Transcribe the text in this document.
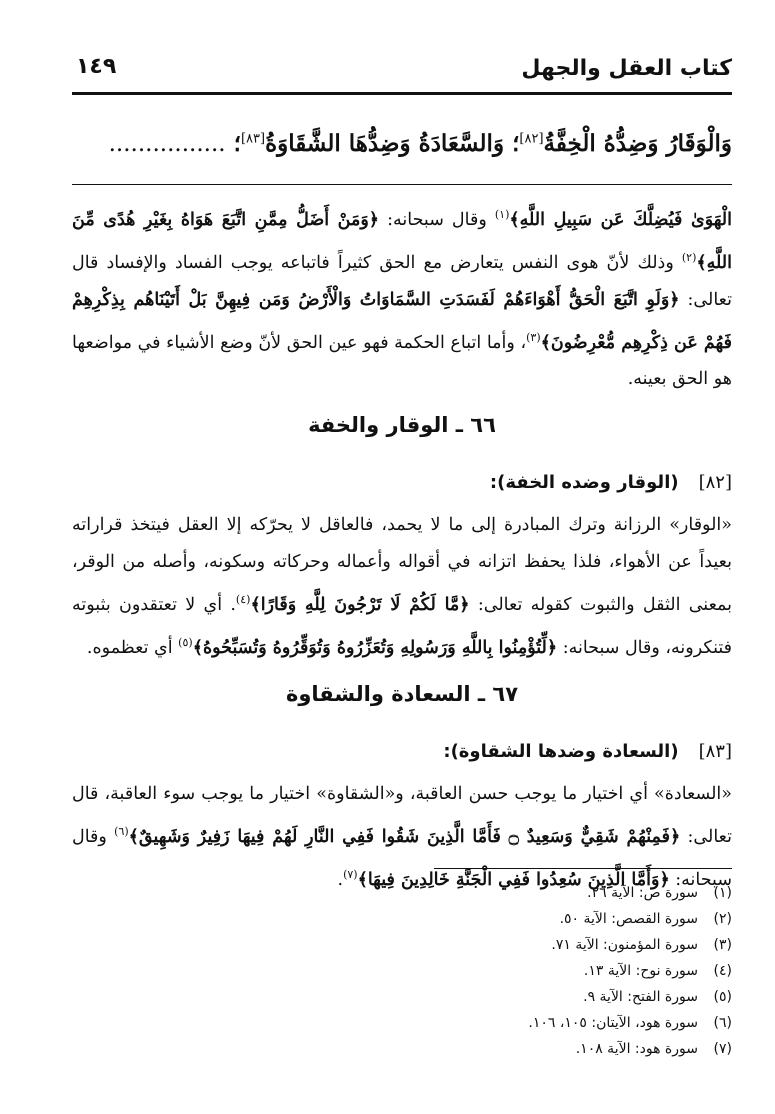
كتاب العقل والجهل
١٤٩
وَالْوَقَارُ وَضِدُّهُ الْخِفَّةُ[٨٢]؛ وَالسَّعَادَةُ وَضِدُّهَا الشَّقَاوَةُ[٨٣]؛ ................

الْهَوَىٰ فَيُضِلَّكَ عَن سَبِيلِ اللَّهِ﴾$^{(١)}$ وقال سبحانه: ﴿وَمَنْ أَضَلُّ مِمَّنِ اتَّبَعَ هَوَاهُ بِغَيْرِ هُدًى مِّنَ اللَّهِ﴾$^{(٢)}$ وذلك لأنّ هوى النفس يتعارض مع الحق كثيراً فاتباعه يوجب الفساد والإفساد قال تعالى: ﴿وَلَوِ اتَّبَعَ الْحَقُّ أَهْوَاءَهُمْ لَفَسَدَتِ السَّمَاوَاتُ وَالْأَرْضُ وَمَن فِيهِنَّ بَلْ أَتَيْنَاهُم بِذِكْرِهِمْ فَهُمْ عَن ذِكْرِهِم مُّعْرِضُونَ﴾$^{(٣)}$، وأما اتباع الحكمة فهو عين الحق لأنّ وضع الأشياء في مواضعها هو الحق بعينه.

٦٦ ـ الوقار والخفة
[٨٢]
(الوقار وضده الخفة):

«الوقار» الرزانة وترك المبادرة إلى ما لا يحمد، فالعاقل لا يحرّكه إلا العقل فيتخذ قراراته بعيداً عن الأهواء، فلذا يحفظ اتزانه في أقواله وأعماله وحركاته وسكونه، وأصله من الوقر، بمعنى الثقل والثبوت كقوله تعالى: ﴿مَّا لَكُمْ لَا تَرْجُونَ لِلَّهِ وَقَارًا﴾$^{(٤)}$. أي لا تعتقدون بثبوته فتنكرونه، وقال سبحانه: ﴿لِّتُؤْمِنُوا بِاللَّهِ وَرَسُولِهِ وَتُعَزِّرُوهُ وَتُوَقِّرُوهُ وَتُسَبِّحُوهُ﴾$^{(٥)}$ أي تعظموه.

٦٧ ـ السعادة والشقاوة
[٨٣]
(السعادة وضدها الشقاوة):

«السعادة» أي اختيار ما يوجب حسن العاقبة، و«الشقاوة» اختيار ما يوجب سوء العاقبة، قال تعالى: ﴿فَمِنْهُمْ شَقِيٌّ وَسَعِيدٌ ۝ فَأَمَّا الَّذِينَ شَقُوا فَفِي النَّارِ لَهُمْ فِيهَا زَفِيرٌ وَشَهِيقٌ﴾$^{(٦)}$ وقال سبحانه: ﴿وَأَمَّا الَّذِينَ سُعِدُوا فَفِي الْجَنَّةِ خَالِدِينَ فِيهَا﴾$^{(٧)}$.

(١)
سورة ص: الآية ٢٦.
(٢)
سورة القصص: الآية ٥٠.
(٣)
سورة المؤمنون: الآية ٧١.
(٤)
سورة نوح: الآية ١٣.
(٥)
سورة الفتح: الآية ٩.
(٦)
سورة هود، الآيتان: ١٠٥، ١٠٦.
(٧)
سورة هود: الآية ١٠٨.
